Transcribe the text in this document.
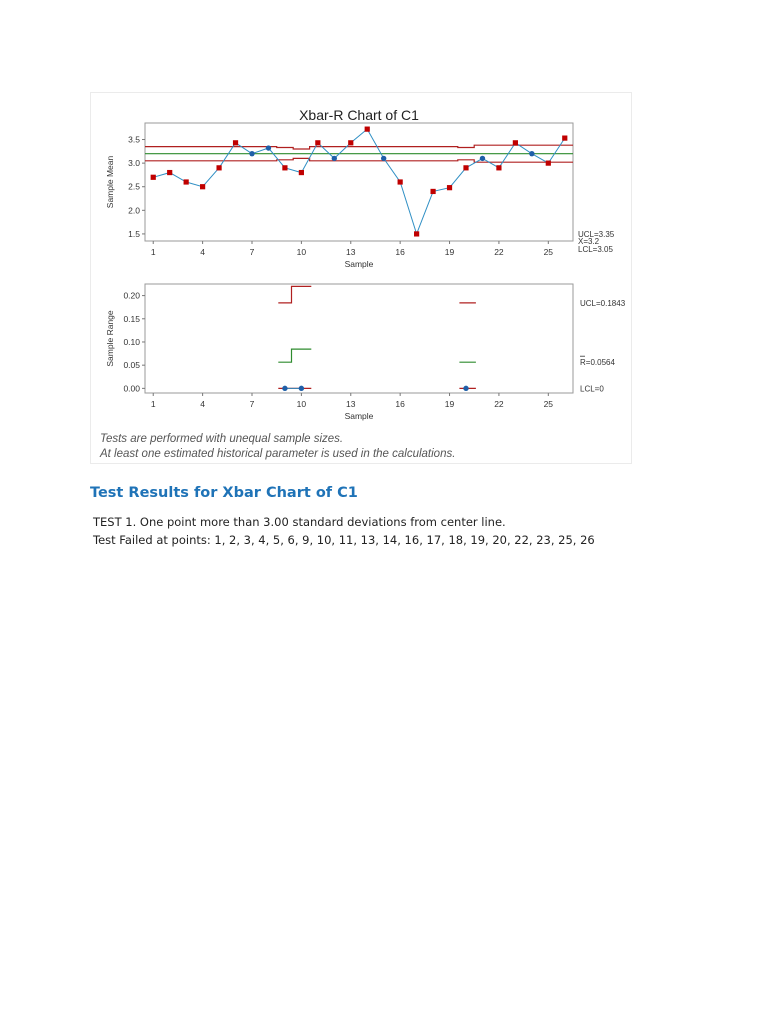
Xbar-R Chart of C1
1	4	7	10	13	16	19	22	25
1.5
2.0
2.5
3.0
3.5
Sample
Sample Mean
UCL=3.35
X=3.2
LCL=3.05
1	4	7	10	13	16	19	22	25
0.00
0.05
0.10
0.15
0.20
Sample
Sample Range
UCL=0.1843
R=0.0564
LCL=0
Tests are performed with unequal sample sizes.
At least one estimated historical parameter is used in the calculations.
Test Results for Xbar Chart of C1

TEST 1. One point more than 3.00 standard deviations from center line.

Test Failed at points: 1, 2, 3, 4, 5, 6, 9, 10, 11, 13, 14, 16, 17, 18, 19, 20, 22, 23, 25, 26
